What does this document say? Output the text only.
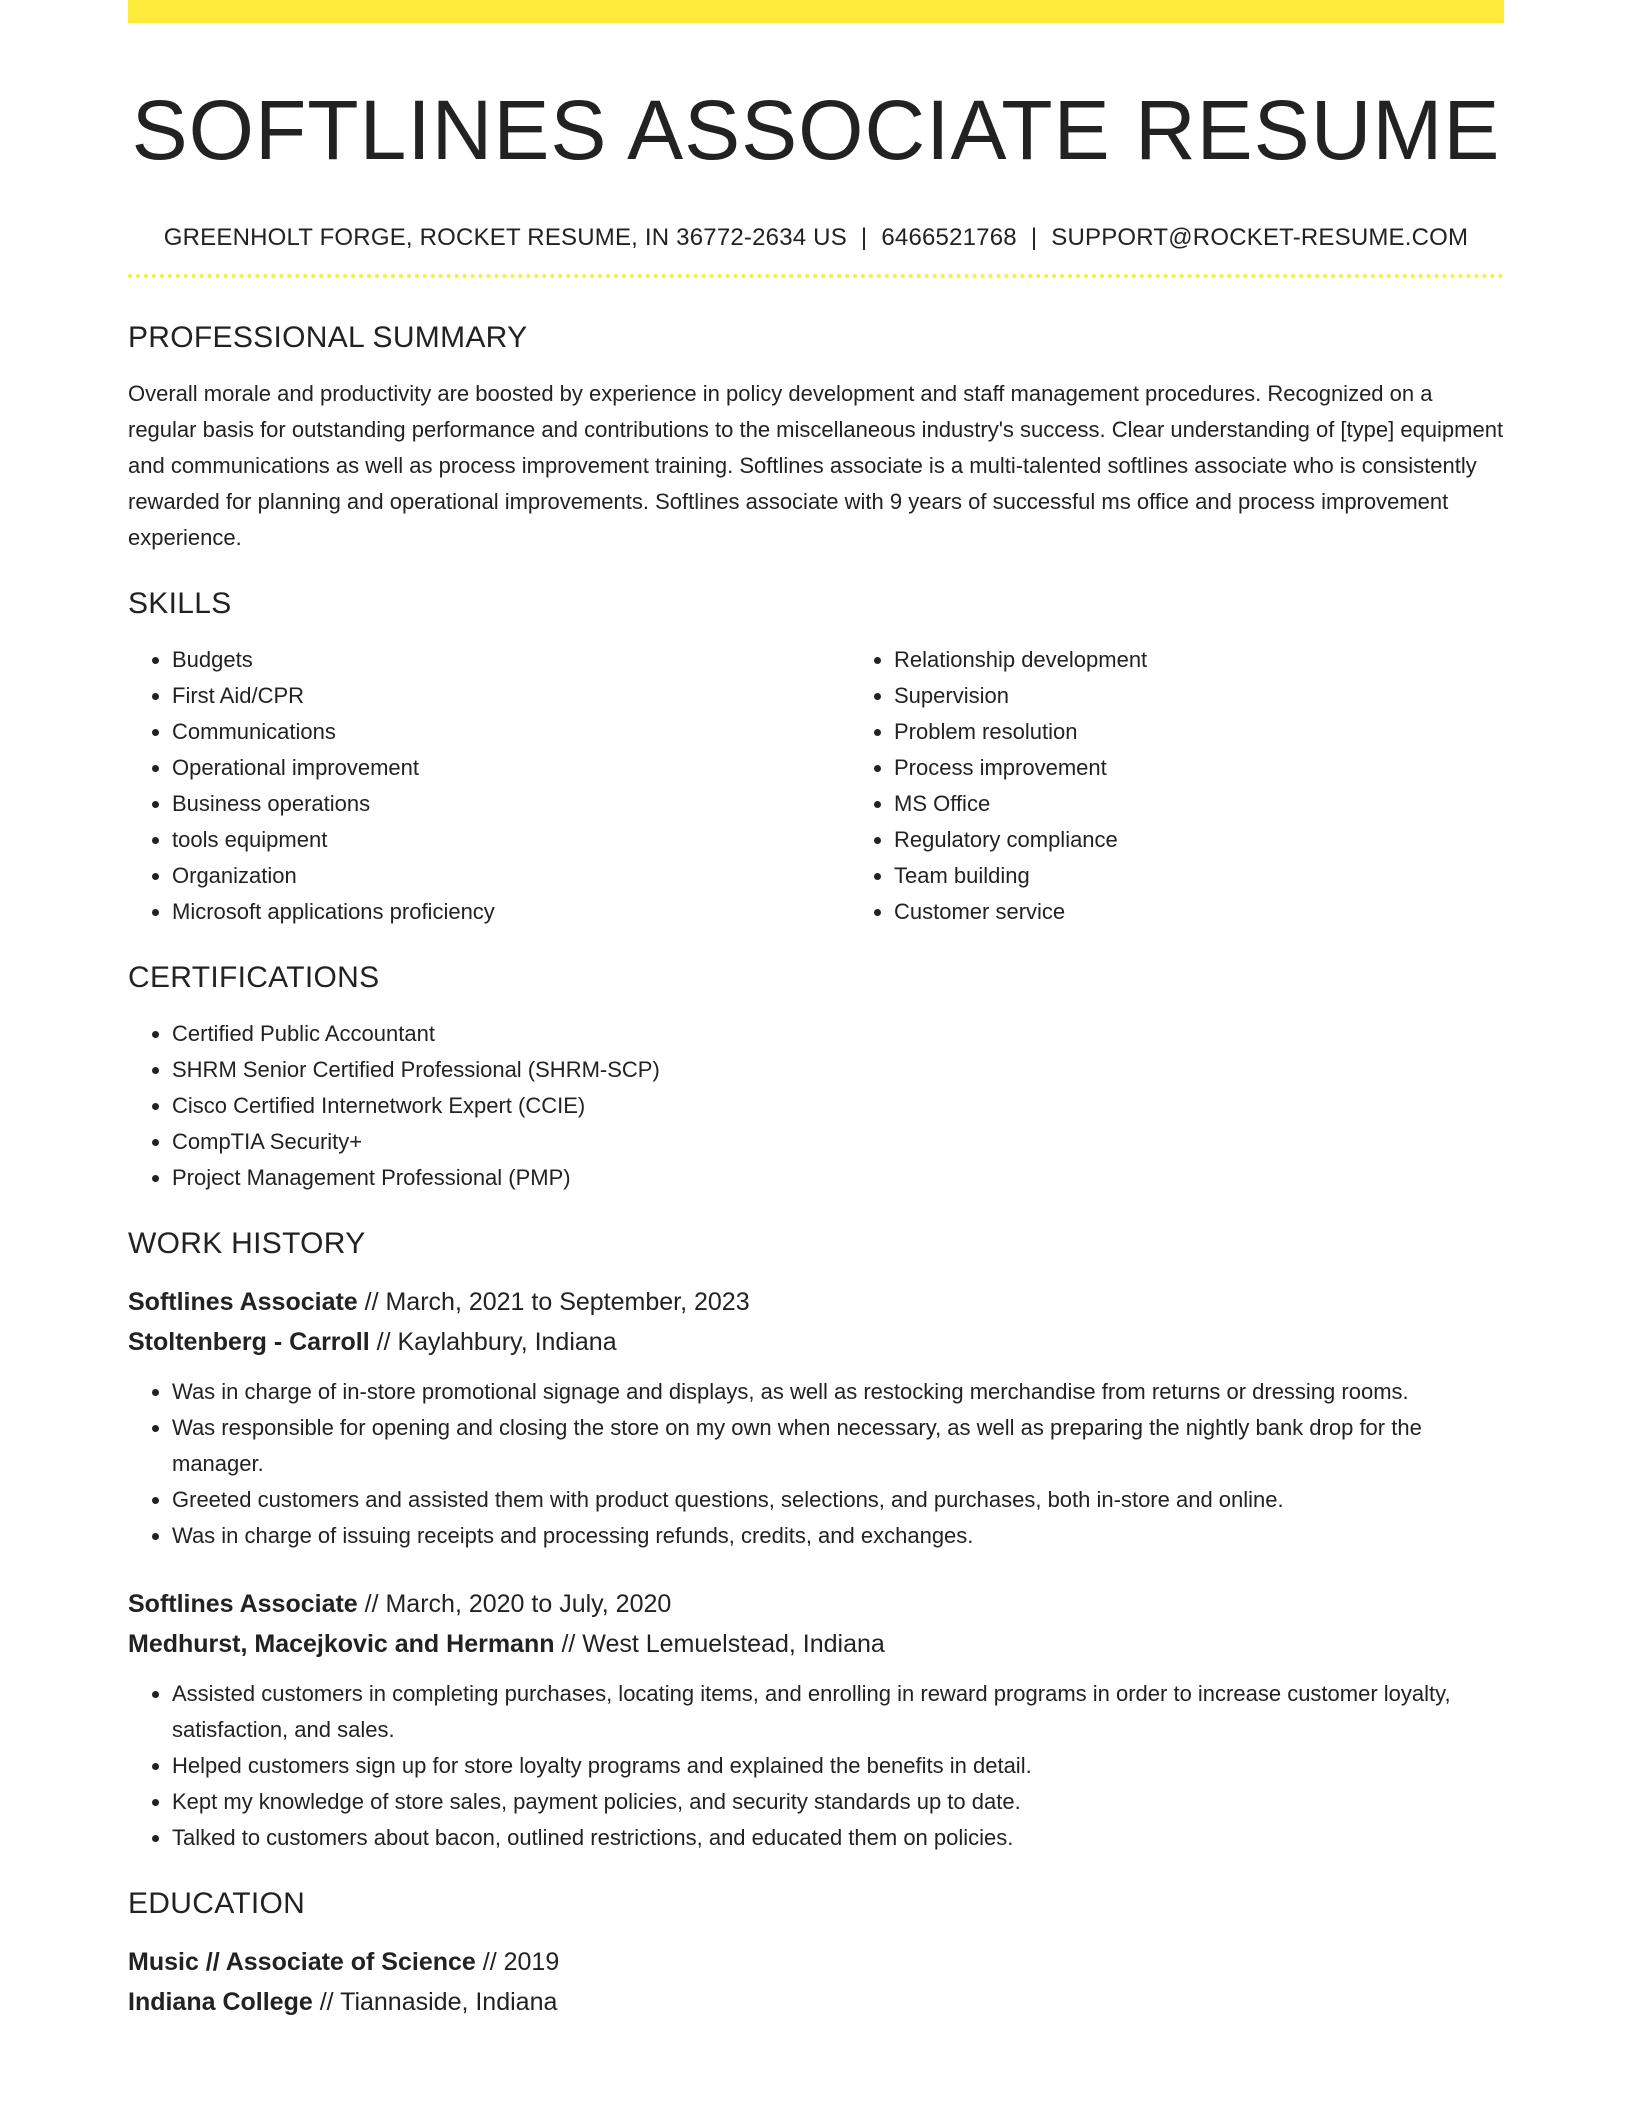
SOFTLINES ASSOCIATE RESUME
GREENHOLT FORGE, ROCKET RESUME, IN 36772-2634 US | 6466521768 | SUPPORT@ROCKET-RESUME.COM
PROFESSIONAL SUMMARY
Overall morale and productivity are boosted by experience in policy development and staff management procedures. Recognized on a regular basis for outstanding performance and contributions to the miscellaneous industry's success. Clear understanding of [type] equipment and communications as well as process improvement training. Softlines associate is a multi-talented softlines associate who is consistently rewarded for planning and operational improvements. Softlines associate with 9 years of successful ms office and process improvement experience.
SKILLS
• Budgets
• First Aid/CPR
• Communications
• Operational improvement
• Business operations
• tools equipment
• Organization
• Microsoft applications proficiency
• Relationship development
• Supervision
• Problem resolution
• Process improvement
• MS Office
• Regulatory compliance
• Team building
• Customer service
CERTIFICATIONS
• Certified Public Accountant
• SHRM Senior Certified Professional (SHRM-SCP)
• Cisco Certified Internetwork Expert (CCIE)
• CompTIA Security+
• Project Management Professional (PMP)
WORK HISTORY
Softlines Associate // March, 2021 to September, 2023
Stoltenberg - Carroll // Kaylahbury, Indiana
• Was in charge of in-store promotional signage and displays, as well as restocking merchandise from returns or dressing rooms.
• Was responsible for opening and closing the store on my own when necessary, as well as preparing the nightly bank drop for the manager.
• Greeted customers and assisted them with product questions, selections, and purchases, both in-store and online.
• Was in charge of issuing receipts and processing refunds, credits, and exchanges.
Softlines Associate // March, 2020 to July, 2020
Medhurst, Macejkovic and Hermann // West Lemuelstead, Indiana
• Assisted customers in completing purchases, locating items, and enrolling in reward programs in order to increase customer loyalty, satisfaction, and sales.
• Helped customers sign up for store loyalty programs and explained the benefits in detail.
• Kept my knowledge of store sales, payment policies, and security standards up to date.
• Talked to customers about bacon, outlined restrictions, and educated them on policies.
EDUCATION
Music // Associate of Science // 2019
Indiana College // Tiannaside, Indiana
